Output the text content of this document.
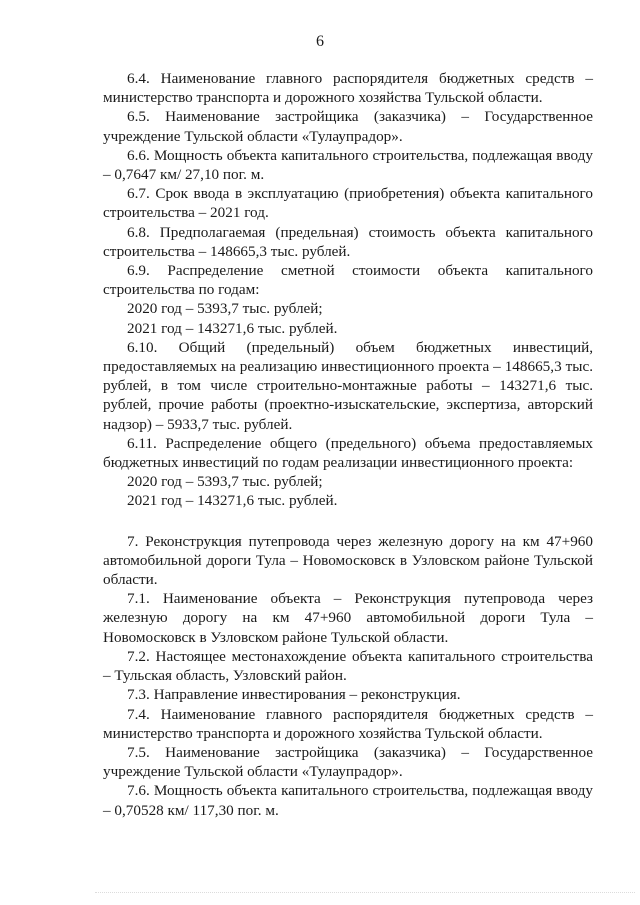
6

6.4. Наименование главного распорядителя бюджетных средств – министерство транспорта и дорожного хозяйства Тульской области.

6.5. Наименование застройщика (заказчика) – Государственное учреждение Тульской области «Тулаупрадор».

6.6. Мощность объекта капитального строительства, подлежащая вводу – 0,7647 км/ 27,10 пог. м.

6.7. Срок ввода в эксплуатацию (приобретения) объекта капитального строительства – 2021 год.

6.8. Предполагаемая (предельная) стоимость объекта капитального строительства – 148665,3 тыс. рублей.

6.9. Распределение сметной стоимости объекта капитального строительства по годам:

2020 год – 5393,7 тыс. рублей;

2021 год – 143271,6 тыс. рублей.

6.10. Общий (предельный) объем бюджетных инвестиций, предоставляемых на реализацию инвестиционного проекта – 148665,3 тыс. рублей, в том числе строительно-монтажные работы – 143271,6 тыс. рублей, прочие работы (проектно-изыскательские, экспертиза, авторский надзор) – 5933,7 тыс. рублей.

6.11. Распределение общего (предельного) объема предоставляемых бюджетных инвестиций по годам реализации инвестиционного проекта:

2020 год – 5393,7 тыс. рублей;

2021 год – 143271,6 тыс. рублей.

7. Реконструкция путепровода через железную дорогу на км 47+960 автомобильной дороги Тула – Новомосковск в Узловском районе Тульской области.

7.1. Наименование объекта – Реконструкция путепровода через железную дорогу на км 47+960 автомобильной дороги Тула – Новомосковск в Узловском районе Тульской области.

7.2. Настоящее местонахождение объекта капитального строительства – Тульская область, Узловский район.

7.3. Направление инвестирования – реконструкция.

7.4. Наименование главного распорядителя бюджетных средств – министерство транспорта и дорожного хозяйства Тульской области.

7.5. Наименование застройщика (заказчика) – Государственное учреждение Тульской области «Тулаупрадор».

7.6. Мощность объекта капитального строительства, подлежащая вводу – 0,70528 км/ 117,30 пог. м.
